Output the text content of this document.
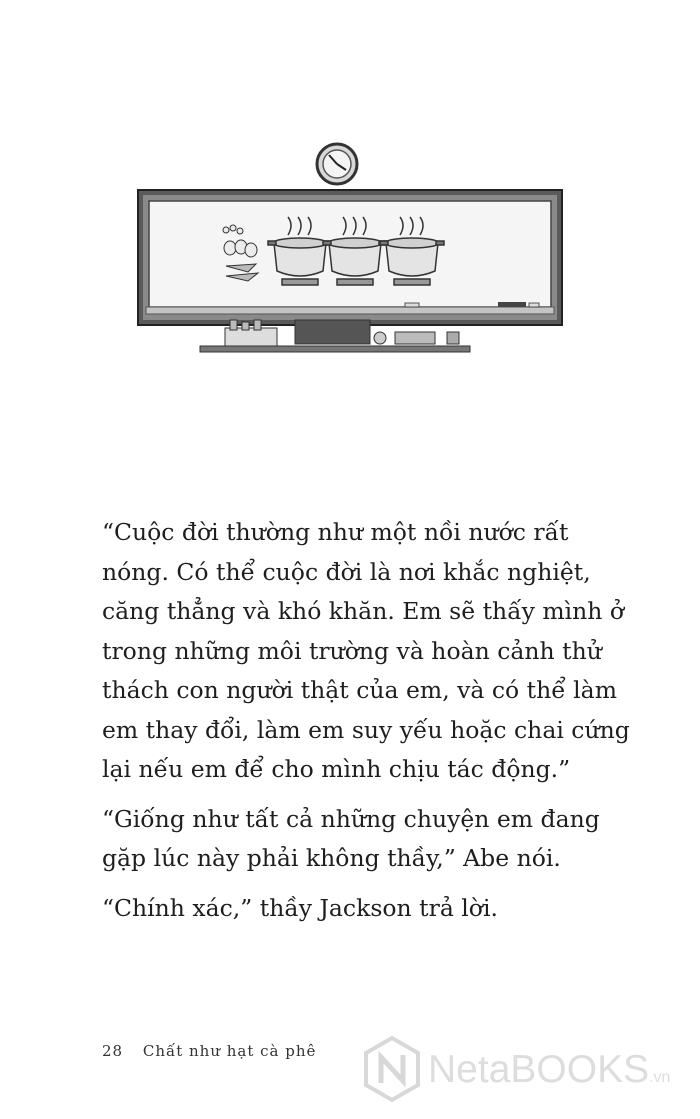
“Cuộc đời thường như một nồi nước rất
nóng. Có thể cuộc đời là nơi khắc nghiệt,
căng thẳng và khó khăn. Em sẽ thấy mình ở
trong những môi trường và hoàn cảnh thử
thách con người thật của em, và có thể làm
em thay đổi, làm em suy yếu hoặc chai cứng
lại nếu em để cho mình chịu tác động.”

“Giống như tất cả những chuyện em đang
gặp lúc này phải không thầy,” Abe nói.

“Chính xác,” thầy Jackson trả lời.

28 Chất như hạt cà phê	NetaBOOKS.vn
